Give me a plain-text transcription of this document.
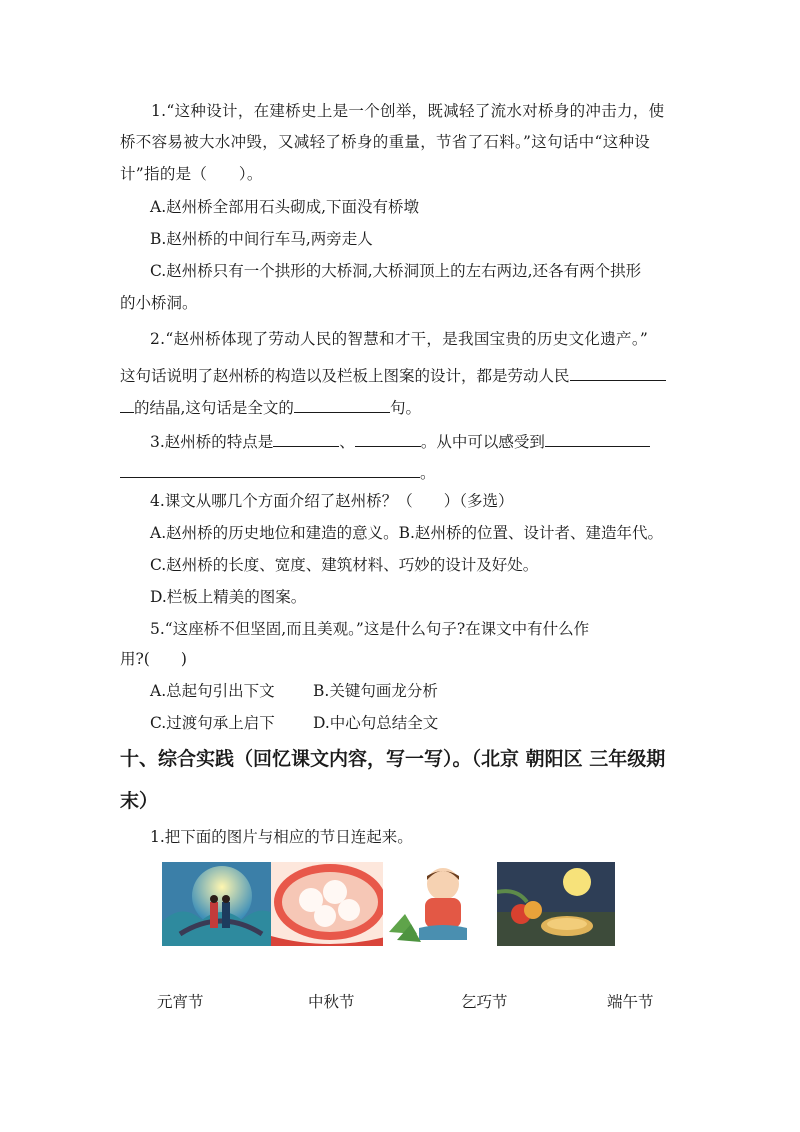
1.“这种设计，在建桥史上是一个创举，既减轻了流水对桥身的冲击力，使
桥不容易被大水冲毁，又减轻了桥身的重量，节省了石料。”这句话中“这种设
计”指的是（　　）。
A.赵州桥全部用石头砌成,下面没有桥墩
B.赵州桥的中间行车马,两旁走人
C.赵州桥只有一个拱形的大桥洞,大桥洞顶上的左右两边,还各有两个拱形
的小桥洞。
2.“赵州桥体现了劳动人民的智慧和才干，是我国宝贵的历史文化遗产。”
这句话说明了赵州桥的构造以及栏板上图案的设计，都是劳动人民
的结晶,这句话是全文的	句。
3.赵州桥的特点是	、	。从中可以感受到
。
4.课文从哪几个方面介绍了赵州桥？（　　）（多选）
A.赵州桥的历史地位和建造的意义。B.赵州桥的位置、设计者、建造年代。
C.赵州桥的长度、宽度、建筑材料、巧妙的设计及好处。
D.栏板上精美的图案。
5.“这座桥不但坚固,而且美观。”这是什么句子?在课文中有什么作
用?(　　)
A.总起句引出下文 B.关键句画龙分析
C.过渡句承上启下 D.中心句总结全文
十、综合实践（回忆课文内容，写一写）。（北京 朝阳区 三年级期
末）
1.把下面的图片与相应的节日连起来。
元宵节	中秋节	乞巧节	端午节
